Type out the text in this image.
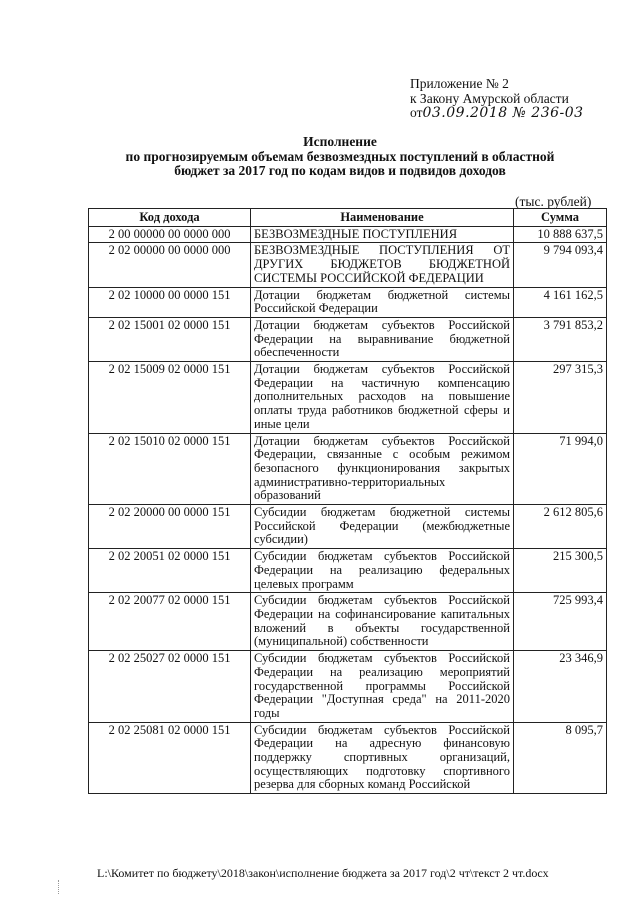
Приложение № 2
к Закону Амурской области
от03.09.2018 № 236-03
Исполнение
по прогнозируемым объемам безвозмездных поступлений в областной
бюджет за 2017 год по кодам видов и подвидов доходов
(тыс. рублей)
Код дохода	Наименование	Сумма
2 00 00000 00 0000 000	БЕЗВОЗМЕЗДНЫЕ ПОСТУПЛЕНИЯ	10 888 637,5
2 02 00000 00 0000 000	БЕЗВОЗМЕЗДНЫЕ ПОСТУПЛЕНИЯ ОТ ДРУГИХ БЮДЖЕТОВ БЮДЖЕТНОЙ СИСТЕМЫ РОССИЙСКОЙ ФЕДЕРАЦИИ	9 794 093,4
2 02 10000 00 0000 151	Дотации бюджетам бюджетной системы Российской Федерации	4 161 162,5
2 02 15001 02 0000 151	Дотации бюджетам субъектов Российской Федерации на выравнивание бюджетной обеспеченности	3 791 853,2
2 02 15009 02 0000 151	Дотации бюджетам субъектов Российской Федерации на частичную компенсацию дополнительных расходов на повышение оплаты труда работников бюджетной сферы и иные цели	297 315,3
2 02 15010 02 0000 151	Дотации бюджетам субъектов Российской Федерации, связанные с особым режимом безопасного функционирования закрытых административно-территориальных образований	71 994,0
2 02 20000 00 0000 151	Субсидии бюджетам бюджетной системы Российской Федерации (межбюджетные субсидии)	2 612 805,6
2 02 20051 02 0000 151	Субсидии бюджетам субъектов Российской Федерации на реализацию федеральных целевых программ	215 300,5
2 02 20077 02 0000 151	Субсидии бюджетам субъектов Российской Федерации на софинансирование капитальных вложений в объекты государственной (муниципальной) собственности	725 993,4
2 02 25027 02 0000 151	Субсидии бюджетам субъектов Российской Федерации на реализацию мероприятий государственной программы Российской Федерации "Доступная среда" на 2011-2020 годы	23 346,9
2 02 25081 02 0000 151	Субсидии бюджетам субъектов Российской Федерации на адресную финансовую поддержку спортивных организаций, осуществляющих подготовку спортивного резерва для сборных команд Российской	8 095,7
L:\Комитет по бюджету\2018\закон\исполнение бюджета за 2017 год\2 чт\текст 2 чт.docx
